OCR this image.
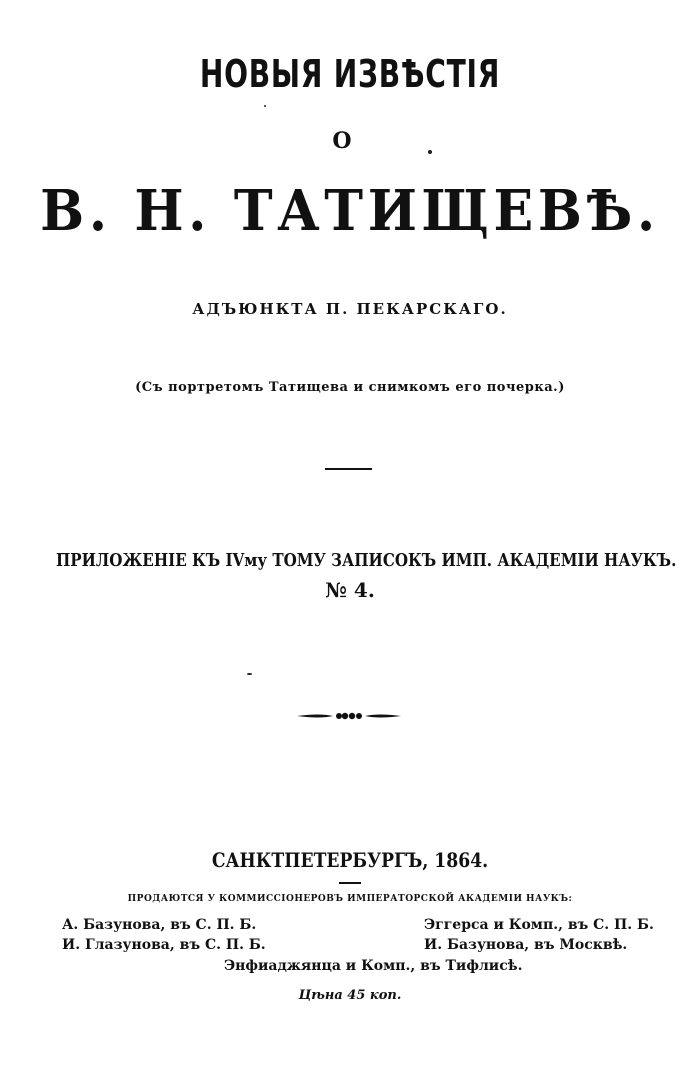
НОВЫЯ ИЗВѢСТІЯ
О
В. Н. ТАТИЩЕВѢ.
АДЪЮНКТА П. ПЕКАРСКАГО.
(Съ портретомъ Татищева и снимкомъ его почерка.)
ПРИЛОЖЕНІЕ КЪ IVму ТОМУ ЗАПИСОКЪ ИМП. АКАДЕМІИ НАУКЪ.
№ 4.
САНКТПЕТЕРБУРГЪ, 1864.
ПРОДАЮТСЯ У КОММИССІОНЕРОВЪ ИМПЕРАТОРСКОЙ АКАДЕМІИ НАУКЪ:
А. Базунова, въ С. П. Б.	Эггерса и Комп., въ С. П. Б.
И. Глазунова, въ С. П. Б.	И. Базунова, въ Москвѣ.
Энфиаджянца и Комп., въ Тифлисѣ.
Цѣна 45 коп.
